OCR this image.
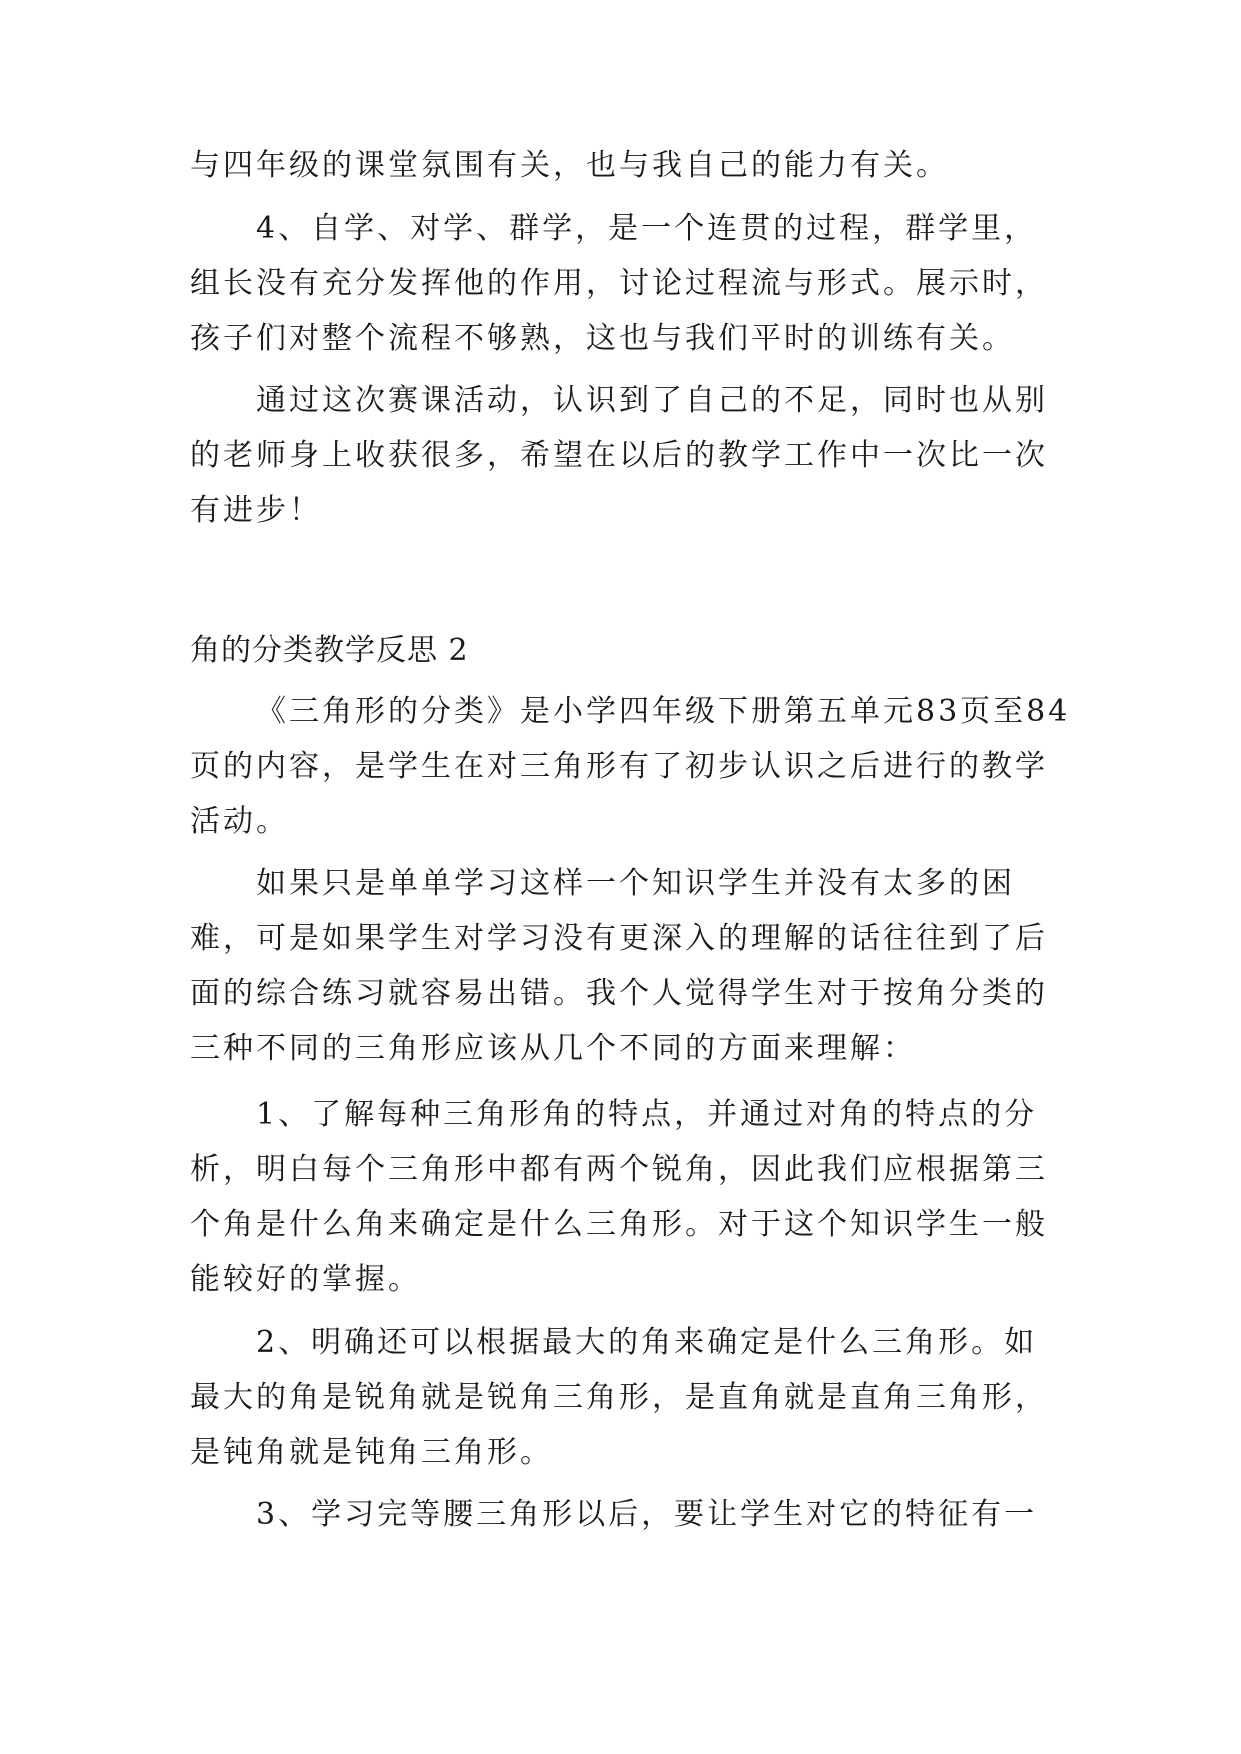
与四年级的课堂氛围有关，也与我自己的能力有关。
4、自学、对学、群学，是一个连贯的过程，群学里，
组长没有充分发挥他的作用，讨论过程流与形式。展示时，
孩子们对整个流程不够熟，这也与我们平时的训练有关。
通过这次赛课活动，认识到了自己的不足，同时也从别
的老师身上收获很多，希望在以后的教学工作中一次比一次
有进步！
角的分类教学反思 2
《三角形的分类》是小学四年级下册第五单元83页至84
页的内容，是学生在对三角形有了初步认识之后进行的教学
活动。
如果只是单单学习这样一个知识学生并没有太多的困
难，可是如果学生对学习没有更深入的理解的话往往到了后
面的综合练习就容易出错。我个人觉得学生对于按角分类的
三种不同的三角形应该从几个不同的方面来理解：
1、了解每种三角形角的特点，并通过对角的特点的分
析，明白每个三角形中都有两个锐角，因此我们应根据第三
个角是什么角来确定是什么三角形。对于这个知识学生一般
能较好的掌握。
2、明确还可以根据最大的角来确定是什么三角形。如
最大的角是锐角就是锐角三角形，是直角就是直角三角形，
是钝角就是钝角三角形。
3、学习完等腰三角形以后，要让学生对它的特征有一
